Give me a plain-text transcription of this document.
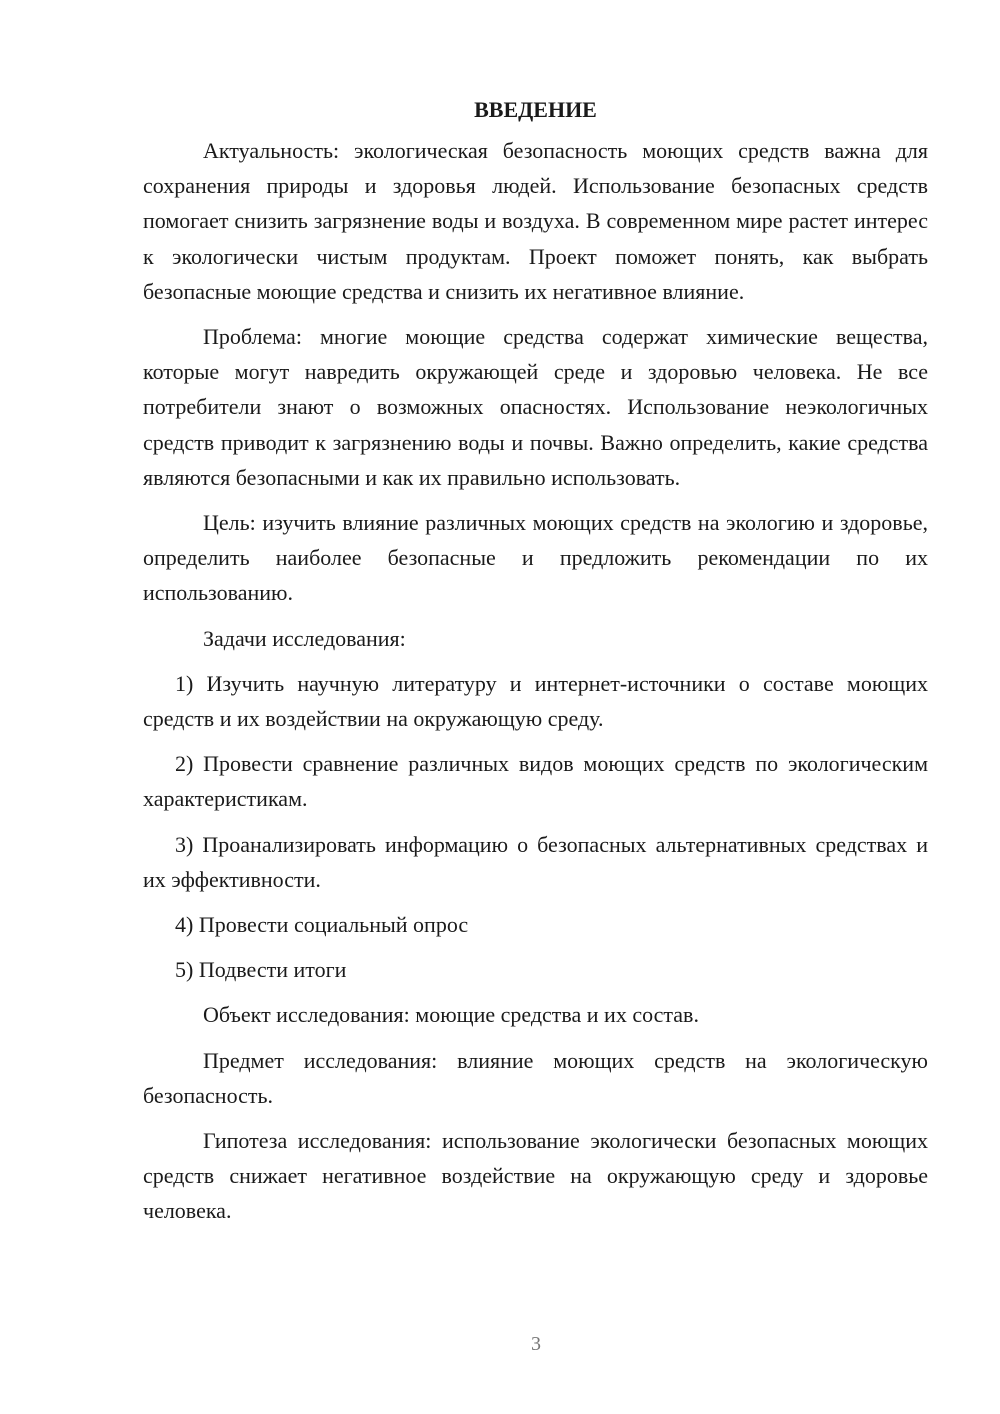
ВВЕДЕНИЕ

Актуальность: экологическая безопасность моющих средств важна для сохранения природы и здоровья людей. Использование безопасных средств помогает снизить загрязнение воды и воздуха. В современном мире растет интерес к экологически чистым продуктам. Проект поможет понять, как выбрать безопасные моющие средства и снизить их негативное влияние.

Проблема: многие моющие средства содержат химические вещества, которые могут навредить окружающей среде и здоровью человека. Не все потребители знают о возможных опасностях. Использование неэкологичных средств приводит к загрязнению воды и почвы. Важно определить, какие средства являются безопасными и как их правильно использовать.

Цель: изучить влияние различных моющих средств на экологию и здоровье, определить наиболее безопасные и предложить рекомендации по их использованию.

Задачи исследования:

1) Изучить научную литературу и интернет-источники о составе моющих средств и их воздействии на окружающую среду.

2) Провести сравнение различных видов моющих средств по экологическим характеристикам.

3) Проанализировать информацию о безопасных альтернативных средствах и их эффективности.

4) Провести социальный опрос

5) Подвести итоги

Объект исследования: моющие средства и их состав.

Предмет исследования: влияние моющих средств на экологическую безопасность.

Гипотеза исследования: использование экологически безопасных моющих средств снижает негативное воздействие на окружающую среду и здоровье человека.

3
